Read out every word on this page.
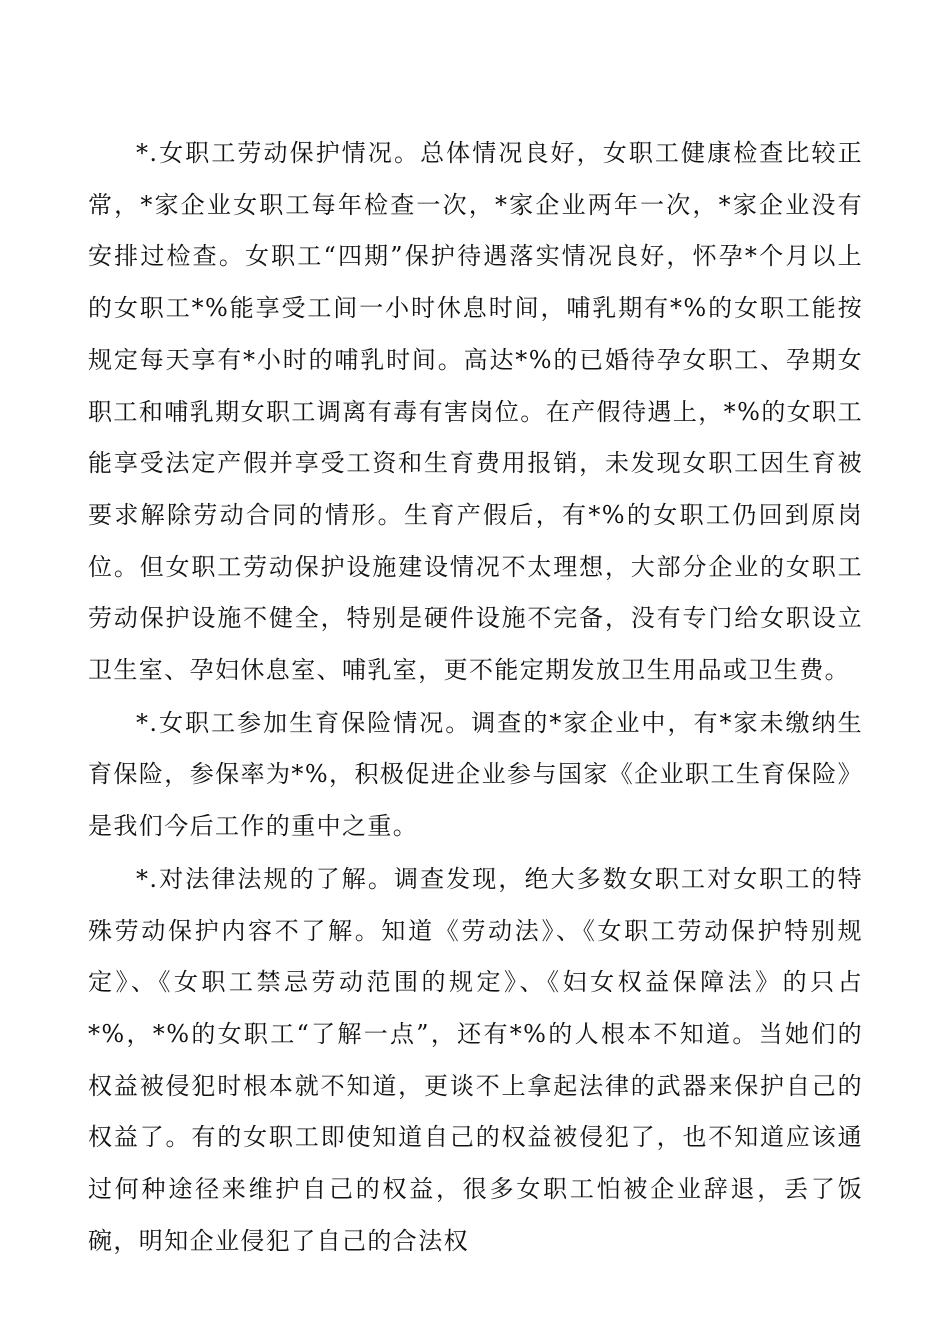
*.女职工劳动保护情况。总体情况良好，女职工健康检查比较正常，*家企业女职工每年检查一次，*家企业两年一次，*家企业没有安排过检查。女职工“四期”保护待遇落实情况良好，怀孕*个月以上的女职工*%能享受工间一小时休息时间，哺乳期有*%的女职工能按规定每天享有*小时的哺乳时间。高达*%的已婚待孕女职工、孕期女职工和哺乳期女职工调离有毒有害岗位。在产假待遇上，*%的女职工能享受法定产假并享受工资和生育费用报销，未发现女职工因生育被要求解除劳动合同的情形。生育产假后，有*%的女职工仍回到原岗位。但女职工劳动保护设施建设情况不太理想，大部分企业的女职工劳动保护设施不健全，特别是硬件设施不完备，没有专门给女职设立卫生室、孕妇休息室、哺乳室，更不能定期发放卫生用品或卫生费。

*.女职工参加生育保险情况。调查的*家企业中，有*家未缴纳生育保险，参保率为*%，积极促进企业参与国家《企业职工生育保险》是我们今后工作的重中之重。

*.对法律法规的了解。调查发现，绝大多数女职工对女职工的特殊劳动保护内容不了解。知道《劳动法》、《女职工劳动保护特别规定》、《女职工禁忌劳动范围的规定》、《妇女权益保障法》的只占*%，*%的女职工“了解一点”，还有*%的人根本不知道。当她们的权益被侵犯时根本就不知道，更谈不上拿起法律的武器来保护自己的权益了。有的女职工即使知道自己的权益被侵犯了，也不知道应该通过何种途径来维护自己的权益，很多女职工怕被企业辞退，丢了饭碗，明知企业侵犯了自己的合法权
